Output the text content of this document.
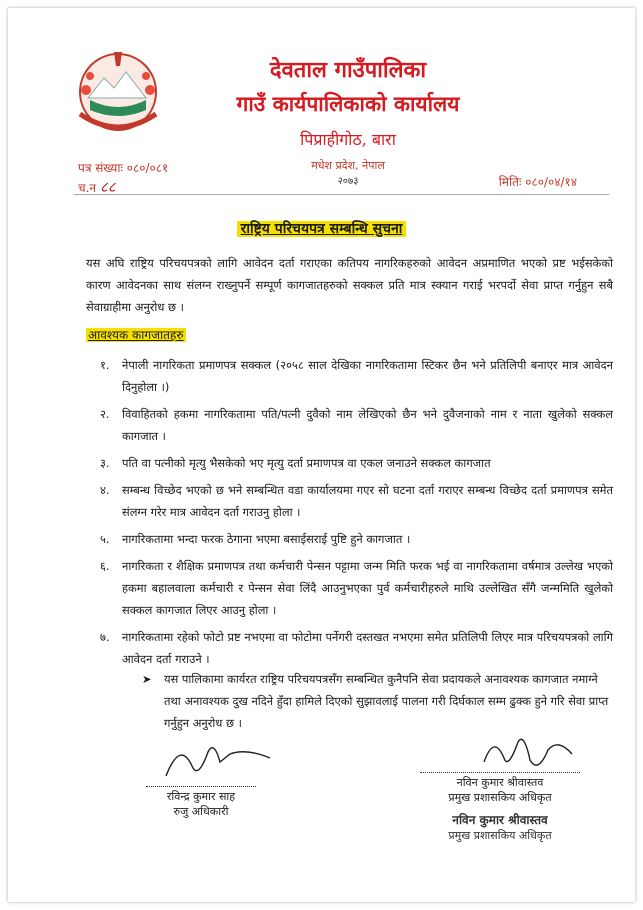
देवताल गाउँपालिका
गाउँ कार्यपालिकाको कार्यालय
पिप्राहीगोठ, बारा
मधेश प्रदेश, नेपाल
२०७३
पत्र संख्याः ०८०/०८१
च.न ८८	मितिः ०८०/०४/१४
राष्ट्रिय परिचयपत्र सम्बन्धि सुचना
यस अघि राष्ट्रिय परिचयपत्रको लागि आवेदन दर्ता गराएका कतिपय नागरिकहरुको आवेदन अप्रमाणित भएको प्रष्ट भईसकेको कारण आवेदनका साथ संलग्न राख्नुपर्ने सम्पूर्ण कागजातहरुको सक्कल प्रति मात्र स्क्यान गराई भरपर्दो सेवा प्राप्त गर्नुहुन सबै सेवाग्राहीमा अनुरोध छ ।
आवश्यक कागजातहरु
१. नेपाली नागरिकता प्रमाणपत्र सक्कल (२०५८ साल देखिका नागरिकतामा स्टिकर छैन भने प्रतिलिपी बनाएर मात्र आवेदन दिनुहोला ।)
२. विवाहितको हकमा नागरिकतामा पति/पत्नी दुवैको नाम लेखिएको छैन भने दुवैजनाको नाम र नाता खुलेको सक्कल कागजात ।
३. पति वा पत्नीको मृत्यु भैसकेको भए मृत्यु दर्ता प्रमाणपत्र वा एकल जनाउने सक्कल कागजात
४. सम्बन्ध विच्छेद भएको छ भने सम्बन्धित वडा कार्यालयमा गएर सो घटना दर्ता गराएर सम्बन्ध विच्छेद दर्ता प्रमाणपत्र समेत संलग्न गरेर मात्र आवेदन दर्ता गराउनु होला ।
५. नागरिकतामा भन्दा फरक ठेगाना भएमा बसाईसराई पुष्टि हुने कागजात ।
६. नागरिकता र शैक्षिक प्रमाणपत्र तथा कर्मचारी पेन्सन पट्टामा जन्म मिति फरक भई वा नागरिकतामा वर्षमात्र उल्लेख भएको हकमा बहालवाला कर्मचारी र पेन्सन सेवा लिंदै आउनुभएका पुर्व कर्मचारीहरुले माथि उल्लेखित सँगै जन्ममिति खुलेको सक्कल कागजात लिएर आउनु होला ।
७. नागरिकतामा रहेको फोटो प्रष्ट नभएमा वा फोटोमा पर्नेगरी दस्तखत नभएमा समेत प्रतिलिपी लिएर मात्र परिचयपत्रको लागि आवेदन दर्ता गराउने ।
➤ यस पालिकामा कार्यरत राष्ट्रिय परिचयपत्रसँग सम्बन्धित कुनैपनि सेवा प्रदायकले अनावश्यक कागजात नमाग्ने तथा अनावश्यक दुख नदिने हुँदा हामिले दिएको सुझावलाई पालना गरी दिर्घकाल सम्म ढुक्क हुने गरि सेवा प्राप्त गर्नुहुन अनुरोध छ ।
रविन्द्र कुमार साह
रुजु अधिकारी
नविन कुमार श्रीवास्तव
प्रमुख प्रशासकिय अधिकृत
नविन कुमार श्रीवास्तव
प्रमुख प्रशासकिय अधिकृत
